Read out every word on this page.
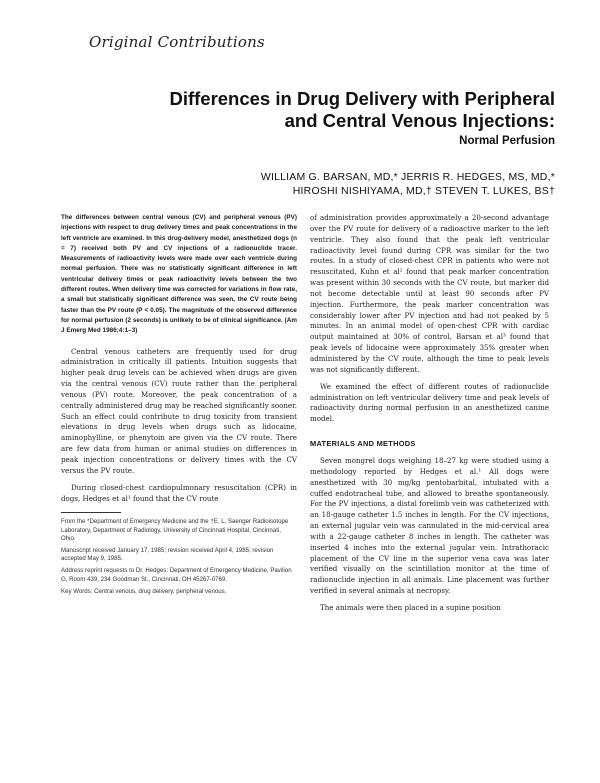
Original Contributions
Differences in Drug Delivery with Peripheral
and Central Venous Injections:
Normal Perfusion
WILLIAM G. BARSAN, MD,* JERRIS R. HEDGES, MS, MD,*
HIROSHI NISHIYAMA, MD,† STEVEN T. LUKES, BS†

The differences between central venous (CV) and peripheral venous (PV) injections with respect to drug delivery times and peak concentrations in the left ventricle are examined. In this drug-delivery model, anesthetized dogs (n = 7) received both PV and CV injections of a radionuclide tracer. Measurements of radioactivity levels were made over each ventricle during normal perfusion. There was no statistically significant difference in left ventricular delivery times or peak radioactivity levels between the two different routes. When delivery time was corrected for variations in flow rate, a small but statistically significant difference was seen, the CV route being faster than the PV route (P < 0.05). The magnitude of the observed difference for normal perfusion (2 seconds) is unlikely to be of clinical significance. (Am J Emerg Med 1986;4:1–3)

Central venous catheters are frequently used for drug administration in critically ill patients. Intuition suggests that higher peak drug levels can be achieved when drugs are given via the central venous (CV) route rather than the peripheral venous (PV) route. Moreover, the peak concentration of a centrally administered drug may be reached significantly sooner. Such an effect could contribute to drug toxicity from transient elevations in drug levels when drugs such as lidocaine, aminophylline, or phenytoin are given via the CV route. There are few data from human or animal studies on differences in peak injection concentrations or delivery times with the CV versus the PV route.

During closed-chest cardiopulmonary resuscitation (CPR) in dogs, Hedges et al¹ found that the CV route

From the *Department of Emergency Medicine and the †E. L. Saenger Radioisotope Laboratory, Department of Radiology, University of Cincinnati Hospital, Cincinnati, Ohio.

Manuscript received January 17, 1985; revision received April 4, 1985; revision accepted May 9, 1985.

Address reprint requests to Dr. Hedges: Department of Emergency Medicine, Pavilion G, Room 439, 234 Goodman St., Cincinnati, OH 45267-0769.

Key Words: Central venous, drug delivery, peripheral venous.

of administration provides approximately a 20-second advantage over the PV route for delivery of a radioactive marker to the left ventricle. They also found that the peak left ventricular radioactivity level found during CPR was similar for the two routes. In a study of closed-chest CPR in patients who were not resuscitated, Kuhn et al² found that peak marker concentration was present within 30 seconds with the CV route, but marker did not become detectable until at least 90 seconds after PV injection. Furthermore, the peak marker concentration was considerably lower after PV injection and had not peaked by 5 minutes. In an animal model of open-chest CPR with cardiac output maintained at 30% of control, Barsan et al³ found that peak levels of lidocaine were approximately 35% greater when administered by the CV route, although the time to peak levels was not significantly different.

We examined the effect of different routes of radionuclide administration on left ventricular delivery time and peak levels of radioactivity during normal perfusion in an anesthetized canine model.

MATERIALS AND METHODS

Seven mongrel dogs weighing 18–27 kg were studied using a methodology reported by Hedges et al.¹ All dogs were anesthetized with 30 mg/kg pentobarbital, intubated with a cuffed endotracheal tube, and allowed to breathe spontaneously. For the PV injections, a distal forelimb vein was catheterized with an 18-gauge catheter 1.5 inches in length. For the CV injections, an external jugular vein was cannulated in the mid-cervical area with a 22-gauge catheter 8 inches in length. The catheter was inserted 4 inches into the external jugular vein. Intrathoracic placement of the CV line in the superior vena cava was later verified visually on the scintillation monitor at the time of radionuclide injection in all animals. Line placement was further verified in several animals at necropsy.

The animals were then placed in a supine position
